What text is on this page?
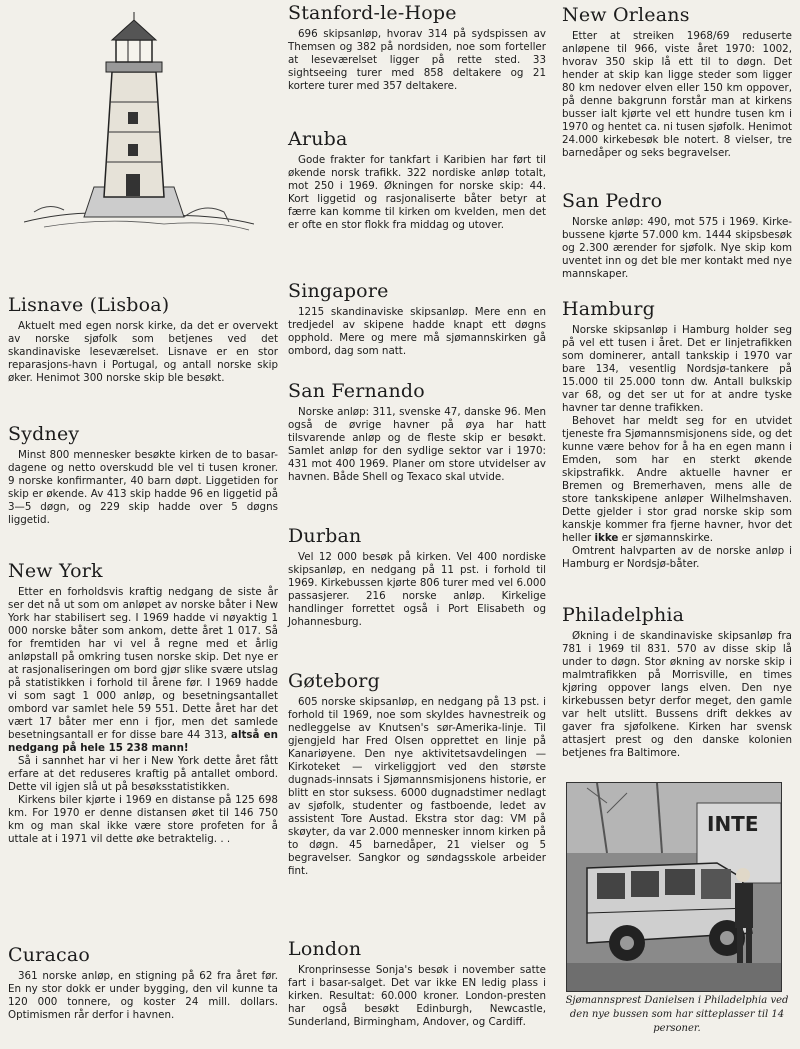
Lisnave (Lisboa)

Aktuelt med egen norsk kirke, da det er overvekt av norske sjøfolk som betjenes ved det skandinaviske leseværelset. Lisnave er en stor reparasjons-havn i Portugal, og antall norske skip øker. Henimot 300 norske skip ble besøkt.

Sydney

Minst 800 mennesker besøkte kirken de to basar-dagene og netto overskudd ble vel ti tusen kroner. 9 norske konfirmanter, 40 barn døpt. Liggetiden for skip er økende. Av 413 skip hadde 96 en liggetid på 3—5 døgn, og 229 skip hadde over 5 døgns liggetid.

New York

Etter en forholdsvis kraftig nedgang de siste år ser det nå ut som om anløpet av norske båter i New York har stabilisert seg. I 1969 hadde vi nøyaktig 1 000 norske båter som ankom, dette året 1 017. Så for fremtiden har vi vel å regne med et årlig anløpstall på omkring tusen norske skip. Det nye er at rasjonaliseringen om bord gjør slike svære utslag på statistikken i forhold til årene før. I 1969 hadde vi som sagt 1 000 anløp, og besetningsantallet ombord var samlet hele 59 551. Dette året har det vært 17 båter mer enn i fjor, men det samlede besetningsantall er for disse bare 44 313, altså en nedgang på hele 15 238 mann!

Så i sannhet har vi her i New York dette året fått erfare at det reduseres kraftig på antallet ombord. Dette vil igjen slå ut på besøksstatistikken.

Kirkens biler kjørte i 1969 en distanse på 125 698 km. For 1970 er denne distansen øket til 146 750 km og man skal ikke være store profeten for å uttale at i 1971 vil dette øke betraktelig. . .

Curacao

361 norske anløp, en stigning på 62 fra året før. En ny stor dokk er under bygging, den vil kunne ta 120 000 tonnere, og koster 24 mill. dollars. Optimismen rår derfor i havnen.

Stanford-le-Hope

696 skipsanløp, hvorav 314 på sydspissen av Themsen og 382 på nordsiden, noe som forteller at leseværelset ligger på rette sted. 33 sightseeing turer med 858 deltakere og 21 kortere turer med 357 deltakere.

Aruba

Gode frakter for tankfart i Karibien har ført til økende norsk trafikk. 322 nordiske anløp totalt, mot 250 i 1969. Økningen for norske skip: 44. Kort liggetid og rasjonaliserte båter betyr at færre kan komme til kirken om kvelden, men det er ofte en stor flokk fra middag og utover.

Singapore

1215 skandinaviske skipsanløp. Mere enn en tredjedel av skipene hadde knapt ett døgns opphold. Mere og mere må sjømannskirken gå ombord, dag som natt.

San Fernando

Norske anløp: 311, svenske 47, danske 96. Men også de øvrige havner på øya har hatt tilsvarende anløp og de fleste skip er besøkt. Samlet anløp for den sydlige sektor var i 1970: 431 mot 400 1969. Planer om store utvidelser av havnen. Både Shell og Texaco skal utvide.

Durban

Vel 12 000 besøk på kirken. Vel 400 nordiske skipsanløp, en nedgang på 11 pst. i forhold til 1969. Kirkebussen kjørte 806 turer med vel 6.000 passasjerer. 216 norske anløp. Kirkelige handlinger forrettet også i Port Elisabeth og Johannesburg.

Gøteborg

605 norske skipsanløp, en nedgang på 13 pst. i forhold til 1969, noe som skyldes havnestreik og nedleggelse av Knutsen's sør-Amerika-linje. Til gjengjeld har Fred Olsen opprettet en linje på Kanariøyene. Den nye aktivitetsavdelingen — Kirkoteket — virkeliggjort ved den største dugnads-innsats i Sjømannsmisjonens historie, er blitt en stor suksess. 6000 dugnadstimer nedlagt av sjøfolk, studenter og fastboende, ledet av assistent Tore Austad. Ekstra stor dag: VM på skøyter, da var 2.000 mennesker innom kirken på to døgn. 45 barnedåper, 21 vielser og 5 begravelser. Sangkor og søndagsskole arbeider fint.

London

Kronprinsesse Sonja's besøk i november satte fart i basar-salget. Det var ikke EN ledig plass i kirken. Resultat: 60.000 kroner. London-presten har også besøkt Edinburgh, Newcastle, Sunderland, Birmingham, Andover, og Cardiff.

New Orleans

Etter at streiken 1968/69 reduserte anløpene til 966, viste året 1970: 1002, hvorav 350 skip lå ett til to døgn. Det hender at skip kan ligge steder som ligger 80 km nedover elven eller 150 km oppover, på denne bakgrunn forstår man at kirkens busser ialt kjørte vel ett hundre tusen km i 1970 og hentet ca. ni tusen sjøfolk. Henimot 24.000 kirkebesøk ble notert. 8 vielser, tre barnedåper og seks begravelser.

San Pedro

Norske anløp: 490, mot 575 i 1969. Kirke-bussene kjørte 57.000 km. 1444 skipsbesøk og 2.300 ærender for sjøfolk. Nye skip kom uventet inn og det ble mer kontakt med nye mannskaper.

Hamburg

Norske skipsanløp i Hamburg holder seg på vel ett tusen i året. Det er linjetrafikken som dominerer, antall tankskip i 1970 var bare 134, vesentlig Nordsjø-tankere på 15.000 til 25.000 tonn dw. Antall bulkskip var 68, og det ser ut for at andre tyske havner tar denne trafikken.

Behovet har meldt seg for en utvidet tjeneste fra Sjømannsmisjonens side, og det kunne være behov for å ha en egen mann i Emden, som har en sterkt økende skipstrafikk. Andre aktuelle havner er Bremen og Bremerhaven, mens alle de store tankskipene anløper Wilhelmshaven. Dette gjelder i stor grad norske skip som kanskje kommer fra fjerne havner, hvor det heller ikke er sjømannskirke.

Omtrent halvparten av de norske anløp i Hamburg er Nordsjø-båter.

Philadelphia

Økning i de skandinaviske skipsanløp fra 781 i 1969 til 831. 570 av disse skip lå under to døgn. Stor økning av norske skip i malmtrafikken på Morrisville, en times kjøring oppover langs elven. Den nye kirkebussen betyr derfor meget, den gamle var helt utslitt. Bussens drift dekkes av gaver fra sjøfolkene. Kirken har svensk attasjert prest og den danske kolonien betjenes fra Baltimore.

INTE

Sjømannsprest Danielsen i Philadelphia ved den nye bussen som har sitteplasser til 14 personer.
